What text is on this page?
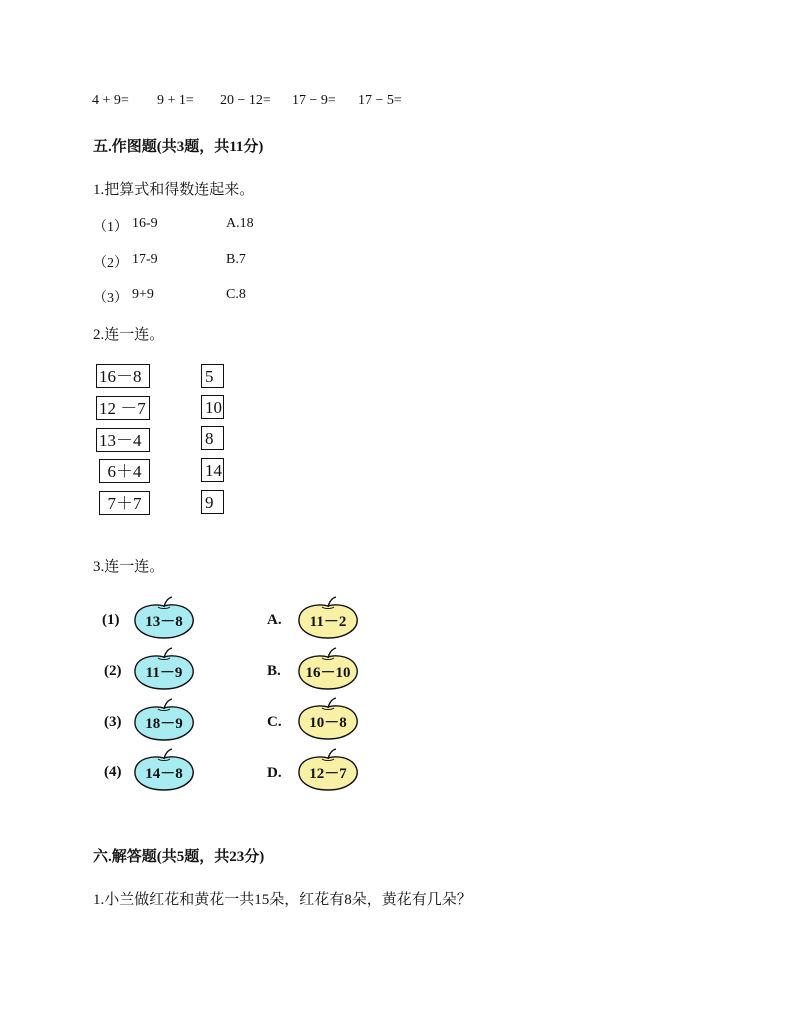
4 + 9= 9 + 1= 20 − 12= 17 − 9= 17 − 5=
五.作图题(共3题，共11分)
1.把算式和得数连起来。
（1） 16-9	A.18
（2） 17-9	B.7
（3） 9+9	C.8
2.连一连。
16－8
12 －7
13－4
6＋4
7＋7
5
10
8
14
9
3.连一连。
(1)
(2)
(3)
(4)
13－8
11－9
18－9
14－8
A.
B.
C.
D.
11－2
16－10
10－8
12－7
六.解答题(共5题，共23分)
1.小兰做红花和黄花一共15朵，红花有8朵，黄花有几朵？
